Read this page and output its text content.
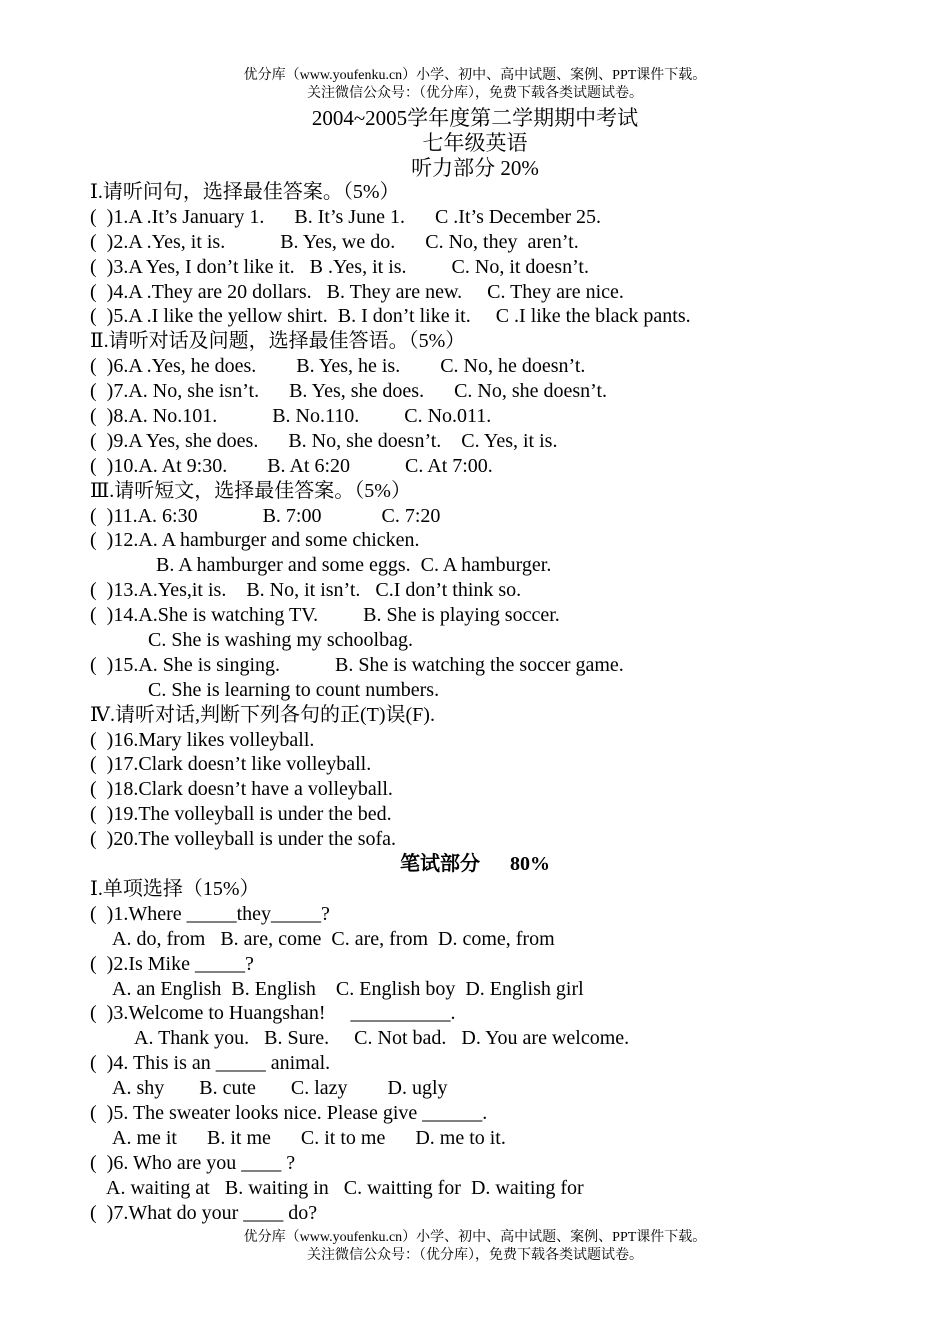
优分库（www.youfenku.cn）小学、初中、高中试题、案例、PPT课件下载。
关注微信公众号：（优分库），免费下载各类试题试卷。
2004~2005学年度第二学期期中考试
七年级英语
听力部分 20%
Ⅰ.请听问句，选择最佳答案。（5%）
(  )1.A .It’s January 1.      B. It’s June 1.      C .It’s December 25.
(  )2.A .Yes, it is.           B. Yes, we do.      C. No, they  aren’t.
(  )3.A Yes, I don’t like it.   B .Yes, it is.         C. No, it doesn’t.
(  )4.A .They are 20 dollars.   B. They are new.     C. They are nice.
(  )5.A .I like the yellow shirt.  B. I don’t like it.     C .I like the black pants.
Ⅱ.请听对话及问题，选择最佳答语。（5%）
(  )6.A .Yes, he does.        B. Yes, he is.        C. No, he doesn’t.
(  )7.A. No, she isn’t.      B. Yes, she does.      C. No, she doesn’t.
(  )8.A. No.101.           B. No.110.         C. No.011.
(  )9.A Yes, she does.      B. No, she doesn’t.    C. Yes, it is.
(  )10.A. At 9:30.        B. At 6:20           C. At 7:00.
Ⅲ.请听短文，选择最佳答案。（5%）
(  )11.A. 6:30             B. 7:00            C. 7:20
(  )12.A. A hamburger and some chicken.
B. A hamburger and some eggs.  C. A hamburger.
(  )13.A.Yes,it is.    B. No, it isn’t.   C.I don’t think so.
(  )14.A.She is watching TV.         B. She is playing soccer.
C. She is washing my schoolbag.
(  )15.A. She is singing.           B. She is watching the soccer game.
C. She is learning to count numbers.
Ⅳ.请听对话,判断下列各句的正(T)误(F).
(  )16.Mary likes volleyball.
(  )17.Clark doesn’t like volleyball.
(  )18.Clark doesn’t have a volleyball.
(  )19.The volleyball is under the bed.
(  )20.The volleyball is under the sofa.
笔试部分      80%
Ⅰ.单项选择（15%）
(  )1.Where _____they_____?
A. do, from   B. are, come  C. are, from  D. come, from
(  )2.Is Mike _____?
A. an English  B. English    C. English boy  D. English girl
(  )3.Welcome to Huangshan!     __________.
A. Thank you.   B. Sure.     C. Not bad.   D. You are welcome.
(  )4. This is an _____ animal.
A. shy       B. cute       C. lazy        D. ugly
(  )5. The sweater looks nice. Please give ______.
A. me it      B. it me      C. it to me      D. me to it.
(  )6. Who are you ____ ?
A. waiting at   B. waiting in   C. waitting for  D. waiting for
(  )7.What do your ____ do?
优分库（www.youfenku.cn）小学、初中、高中试题、案例、PPT课件下载。
关注微信公众号：（优分库），免费下载各类试题试卷。
